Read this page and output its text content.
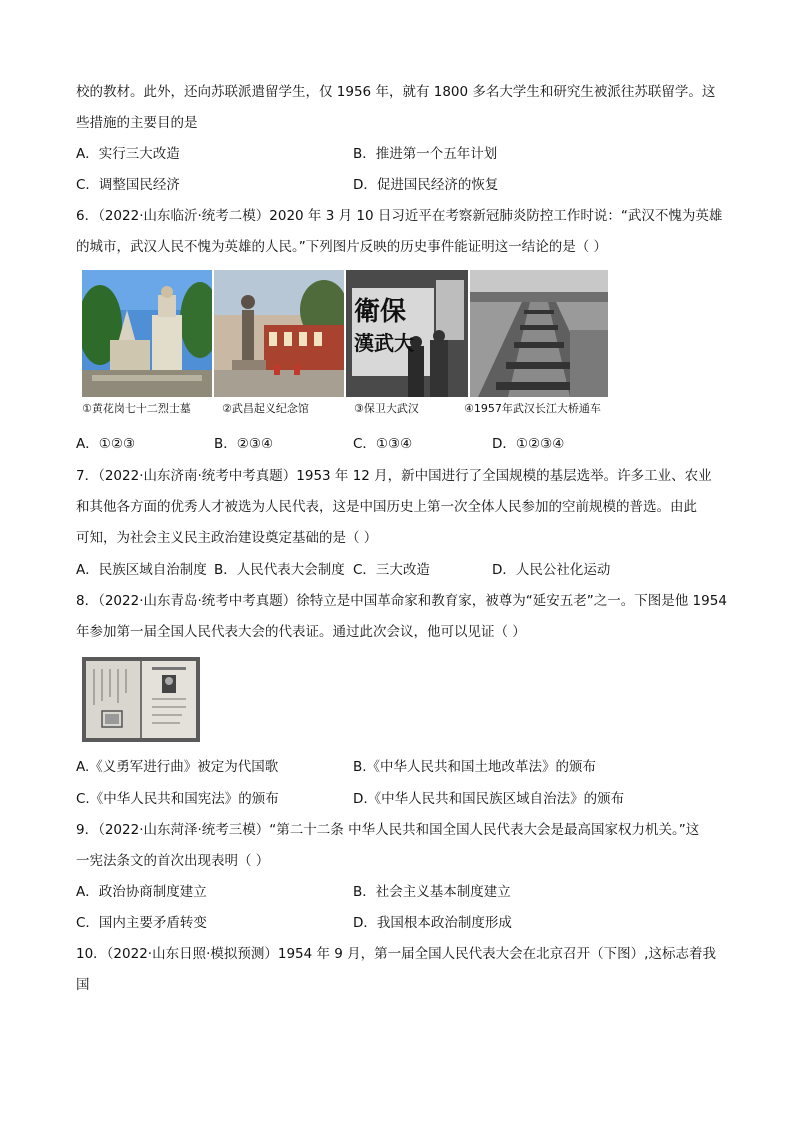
校的教材。此外，还向苏联派遣留学生，仅 1956 年，就有 1800 多名大学生和研究生被派往苏联留学。这
些措施的主要目的是
A．实行三大改造	B．推进第一个五年计划
C．调整国民经济	D．促进国民经济的恢复
6．（2022·山东临沂·统考二模）2020 年 3 月 10 日习近平在考察新冠肺炎防控工作时说：“武汉不愧为英雄
的城市，武汉人民不愧为英雄的人民。”下列图片反映的历史事件能证明这一结论的是（ ）
衛保
漢武大
①黄花岗七十二烈士墓	②武昌起义纪念馆	③保卫大武汉	④1957年武汉长江大桥通车
A．①②③	B．②③④	C．①③④	D．①②③④
7．（2022·山东济南·统考中考真题）1953 年 12 月，新中国进行了全国规模的基层选举。许多工业、农业
和其他各方面的优秀人才被选为人民代表，这是中国历史上第一次全体人民参加的空前规模的普选。由此
可知，为社会主义民主政治建设奠定基础的是（ ）
A．民族区域自治制度 B．人民代表大会制度 C．三大改造	D．人民公社化运动
8．（2022·山东青岛·统考中考真题）徐特立是中国革命家和教育家，被尊为“延安五老”之一。下图是他 1954
年参加第一届全国人民代表大会的代表证。通过此次会议，他可以见证（ ）
A.《义勇军进行曲》被定为代国歌	B.《中华人民共和国土地改革法》的颁布
C.《中华人民共和国宪法》的颁布	D.《中华人民共和国民族区域自治法》的颁布
9．（2022·山东菏泽·统考三模）“第二十二条 中华人民共和国全国人民代表大会是最高国家权力机关。”这
一宪法条文的首次出现表明（ ）
A．政治协商制度建立	B．社会主义基本制度建立
C．国内主要矛盾转变	D．我国根本政治制度形成
10．（2022·山东日照·模拟预测）1954 年 9 月，第一届全国人民代表大会在北京召开（下图）,这标志着我
国
